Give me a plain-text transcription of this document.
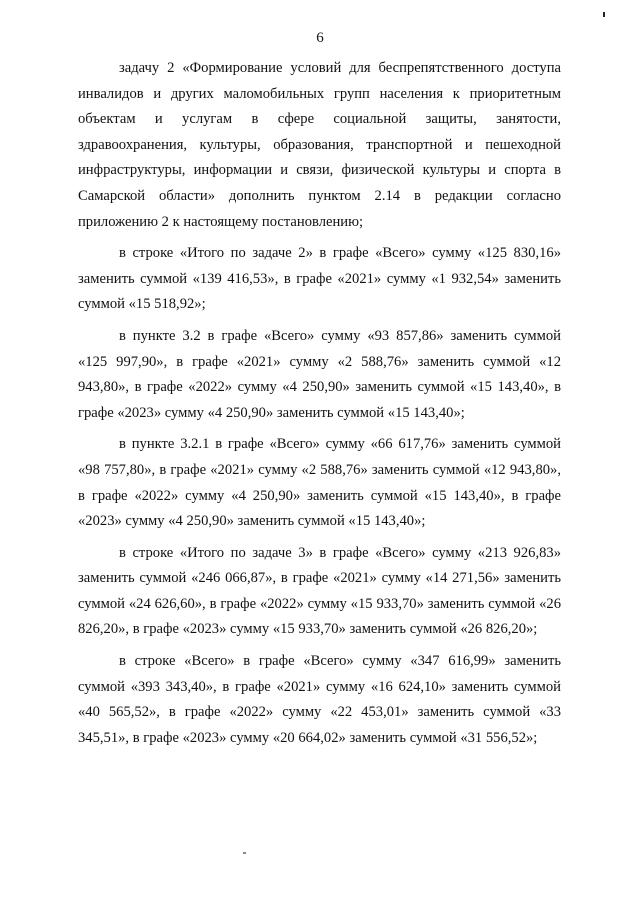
6

задачу 2 «Формирование условий для беспрепятственного доступа инвалидов и других маломобильных групп населения к приоритетным объектам и услугам в сфере социальной защиты, занятости, здравоохранения, культуры, образования, транспортной и пешеходной инфраструктуры, информации и связи, физической культуры и спорта в Самарской области» дополнить пунктом 2.14 в редакции согласно приложению 2 к настоящему постановлению;

в строке «Итого по задаче 2» в графе «Всего» сумму «125 830,16» заменить суммой «139 416,53», в графе «2021» сумму «1 932,54» заменить суммой «15 518,92»;

в пункте 3.2 в графе «Всего» сумму «93 857,86» заменить суммой «125 997,90», в графе «2021» сумму «2 588,76» заменить суммой «12 943,80», в графе «2022» сумму «4 250,90» заменить суммой «15 143,40», в графе «2023» сумму «4 250,90» заменить суммой «15 143,40»;

в пункте 3.2.1 в графе «Всего» сумму «66 617,76» заменить суммой «98 757,80», в графе «2021» сумму «2 588,76» заменить суммой «12 943,80», в графе «2022» сумму «4 250,90» заменить суммой «15 143,40», в графе «2023» сумму «4 250,90» заменить суммой «15 143,40»;

в строке «Итого по задаче 3» в графе «Всего» сумму «213 926,83» заменить суммой «246 066,87», в графе «2021» сумму «14 271,56» заменить суммой «24 626,60», в графе «2022» сумму «15 933,70» заменить суммой «26 826,20», в графе «2023» сумму «15 933,70» заменить суммой «26 826,20»;

в строке «Всего» в графе «Всего» сумму «347 616,99» заменить суммой «393 343,40», в графе «2021» сумму «16 624,10» заменить суммой «40 565,52», в графе «2022» сумму «22 453,01» заменить суммой «33 345,51», в графе «2023» сумму «20 664,02» заменить суммой «31 556,52»;
